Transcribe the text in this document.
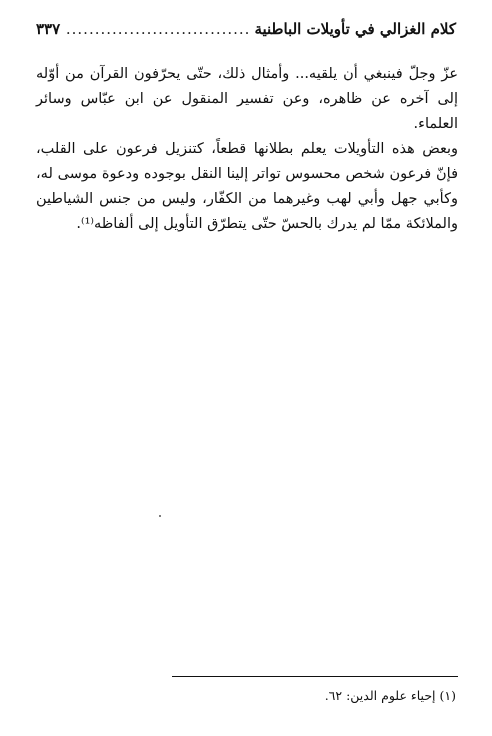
كلام الغزالي في تأويلات الباطنية
.....
٣٣٧

عزّ وجلّ فينبغي أن يلقيه... وأمثال ذلك، حتّى يحرّفون القرآن من أوّله إلى آخره عن ظاهره، وعن تفسير المنقول عن ابن عبّاس وسائر العلماء.

وبعض هذه التأويلات يعلم بطلانها قطعاً، كتنزيل فرعون على القلب، فإنّ فرعون شخص محسوس تواتر إلينا النقل بوجوده ودعوة موسى له، وكأبي جهل وأبي لهب وغيرهما من الكفّار، وليس من جنس الشياطين والملائكة ممّا لم يدرك بالحسّ حتّى يتطرّق التأويل إلى ألفاظه⁽¹⁾.

(١) إحياء علوم الدين: ٦٢.
